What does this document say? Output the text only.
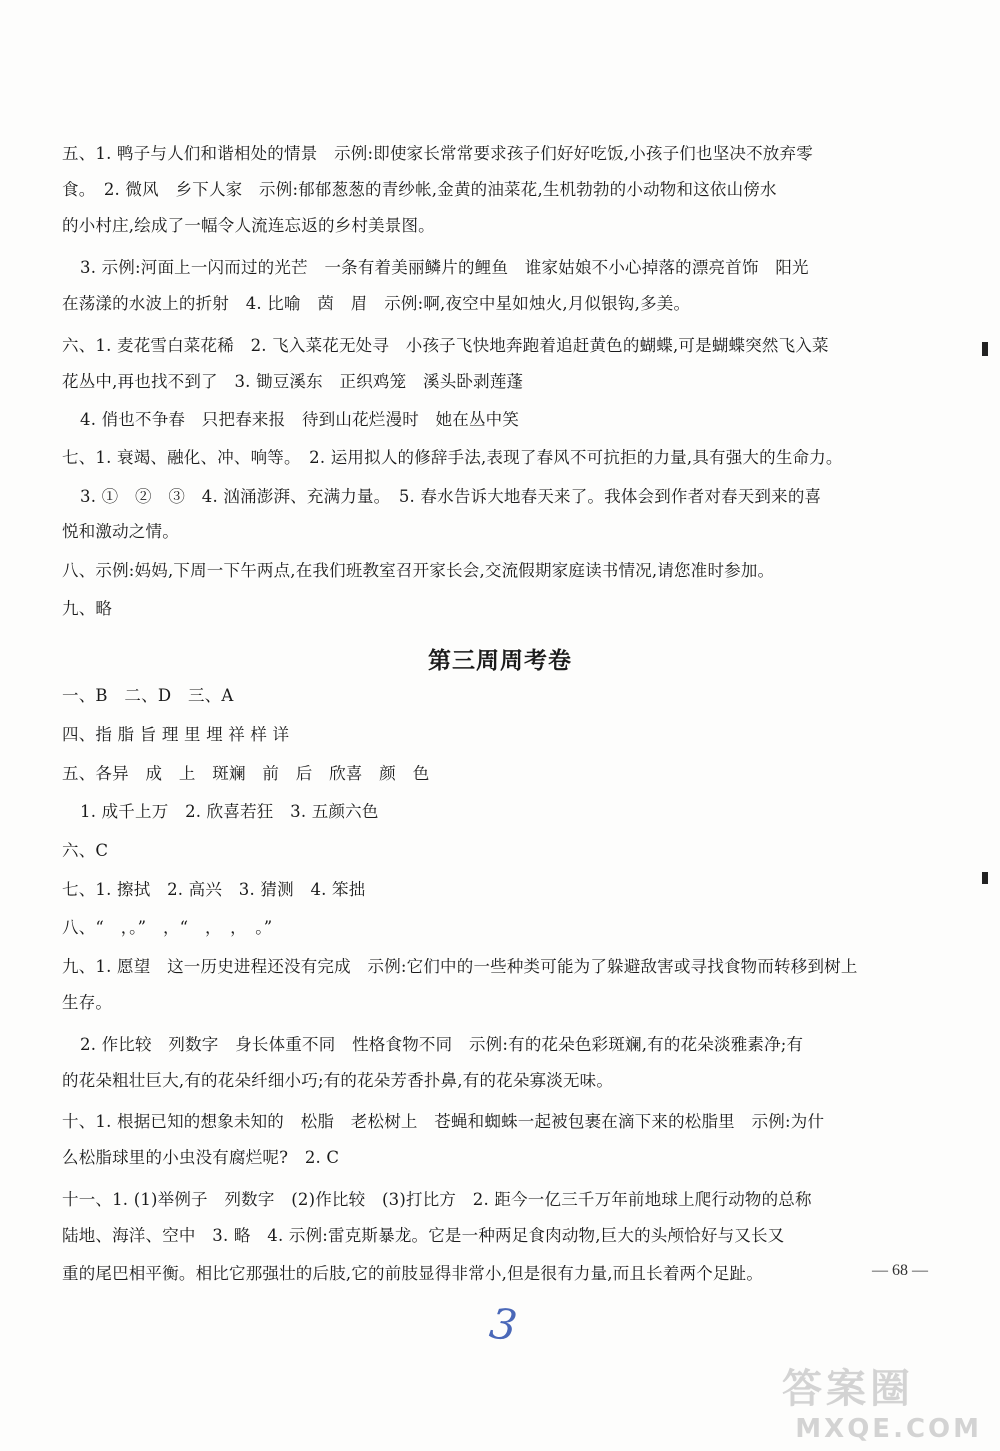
五、1. 鸭子与人们和谐相处的情景　示例:即使家长常常要求孩子们好好吃饭,小孩子们也坚决不放弃零
食。　2. 微风　乡下人家　示例:郁郁葱葱的青纱帐,金黄的油菜花,生机勃勃的小动物和这依山傍水
的小村庄,绘成了一幅令人流连忘返的乡村美景图。
3. 示例:河面上一闪而过的光芒　一条有着美丽鳞片的鲤鱼　谁家姑娘不小心掉落的漂亮首饰　阳光
在荡漾的水波上的折射　4. 比喻　茵　眉　示例:啊,夜空中星如烛火,月似银钩,多美。
六、1. 麦花雪白菜花稀　2. 飞入菜花无处寻　小孩子飞快地奔跑着追赶黄色的蝴蝶,可是蝴蝶突然飞入菜
花丛中,再也找不到了　3. 锄豆溪东　正织鸡笼　溪头卧剥莲蓬
4. 俏也不争春　只把春来报　待到山花烂漫时　她在丛中笑
七、1. 衰竭、融化、冲、响等。　2. 运用拟人的修辞手法,表现了春风不可抗拒的力量,具有强大的生命力。
3. ①　②　③　4. 汹涌澎湃、充满力量。　5. 春水告诉大地春天来了。我体会到作者对春天到来的喜
悦和激动之情。
八、示例:妈妈,下周一下午两点,在我们班教室召开家长会,交流假期家庭读书情况,请您准时参加。
九、略
第三周周考卷
一、B　二、D　三、A
四、指 脂 旨 理 里 埋 祥 样 详
五、各异　成　上　斑斓　前　后　欣喜　颜　色
1. 成千上万　2. 欣喜若狂　3. 五颜六色
六、C
七、1. 擦拭　2. 高兴　3. 猜测　4. 笨拙
八、“　，。”　，“　，　，　。”
九、1. 愿望　这一历史进程还没有完成　示例:它们中的一些种类可能为了躲避敌害或寻找食物而转移到树上
生存。
2. 作比较　列数字　身长体重不同　性格食物不同　示例:有的花朵色彩斑斓,有的花朵淡雅素净;有
的花朵粗壮巨大,有的花朵纤细小巧;有的花朵芳香扑鼻,有的花朵寡淡无味。
十、1. 根据已知的想象未知的　松脂　老松树上　苍蝇和蜘蛛一起被包裹在滴下来的松脂里　示例:为什
么松脂球里的小虫没有腐烂呢?　2. C
十一、1. (1)举例子　列数字　(2)作比较　(3)打比方　2. 距今一亿三千万年前地球上爬行动物的总称
陆地、海洋、空中　3. 略　4. 示例:雷克斯暴龙。它是一种两足食肉动物,巨大的头颅恰好与又长又
重的尾巴相平衡。相比它那强壮的后肢,它的前肢显得非常小,但是很有力量,而且长着两个足趾。	— 68 —
3
答案圈
MXQE.COM
